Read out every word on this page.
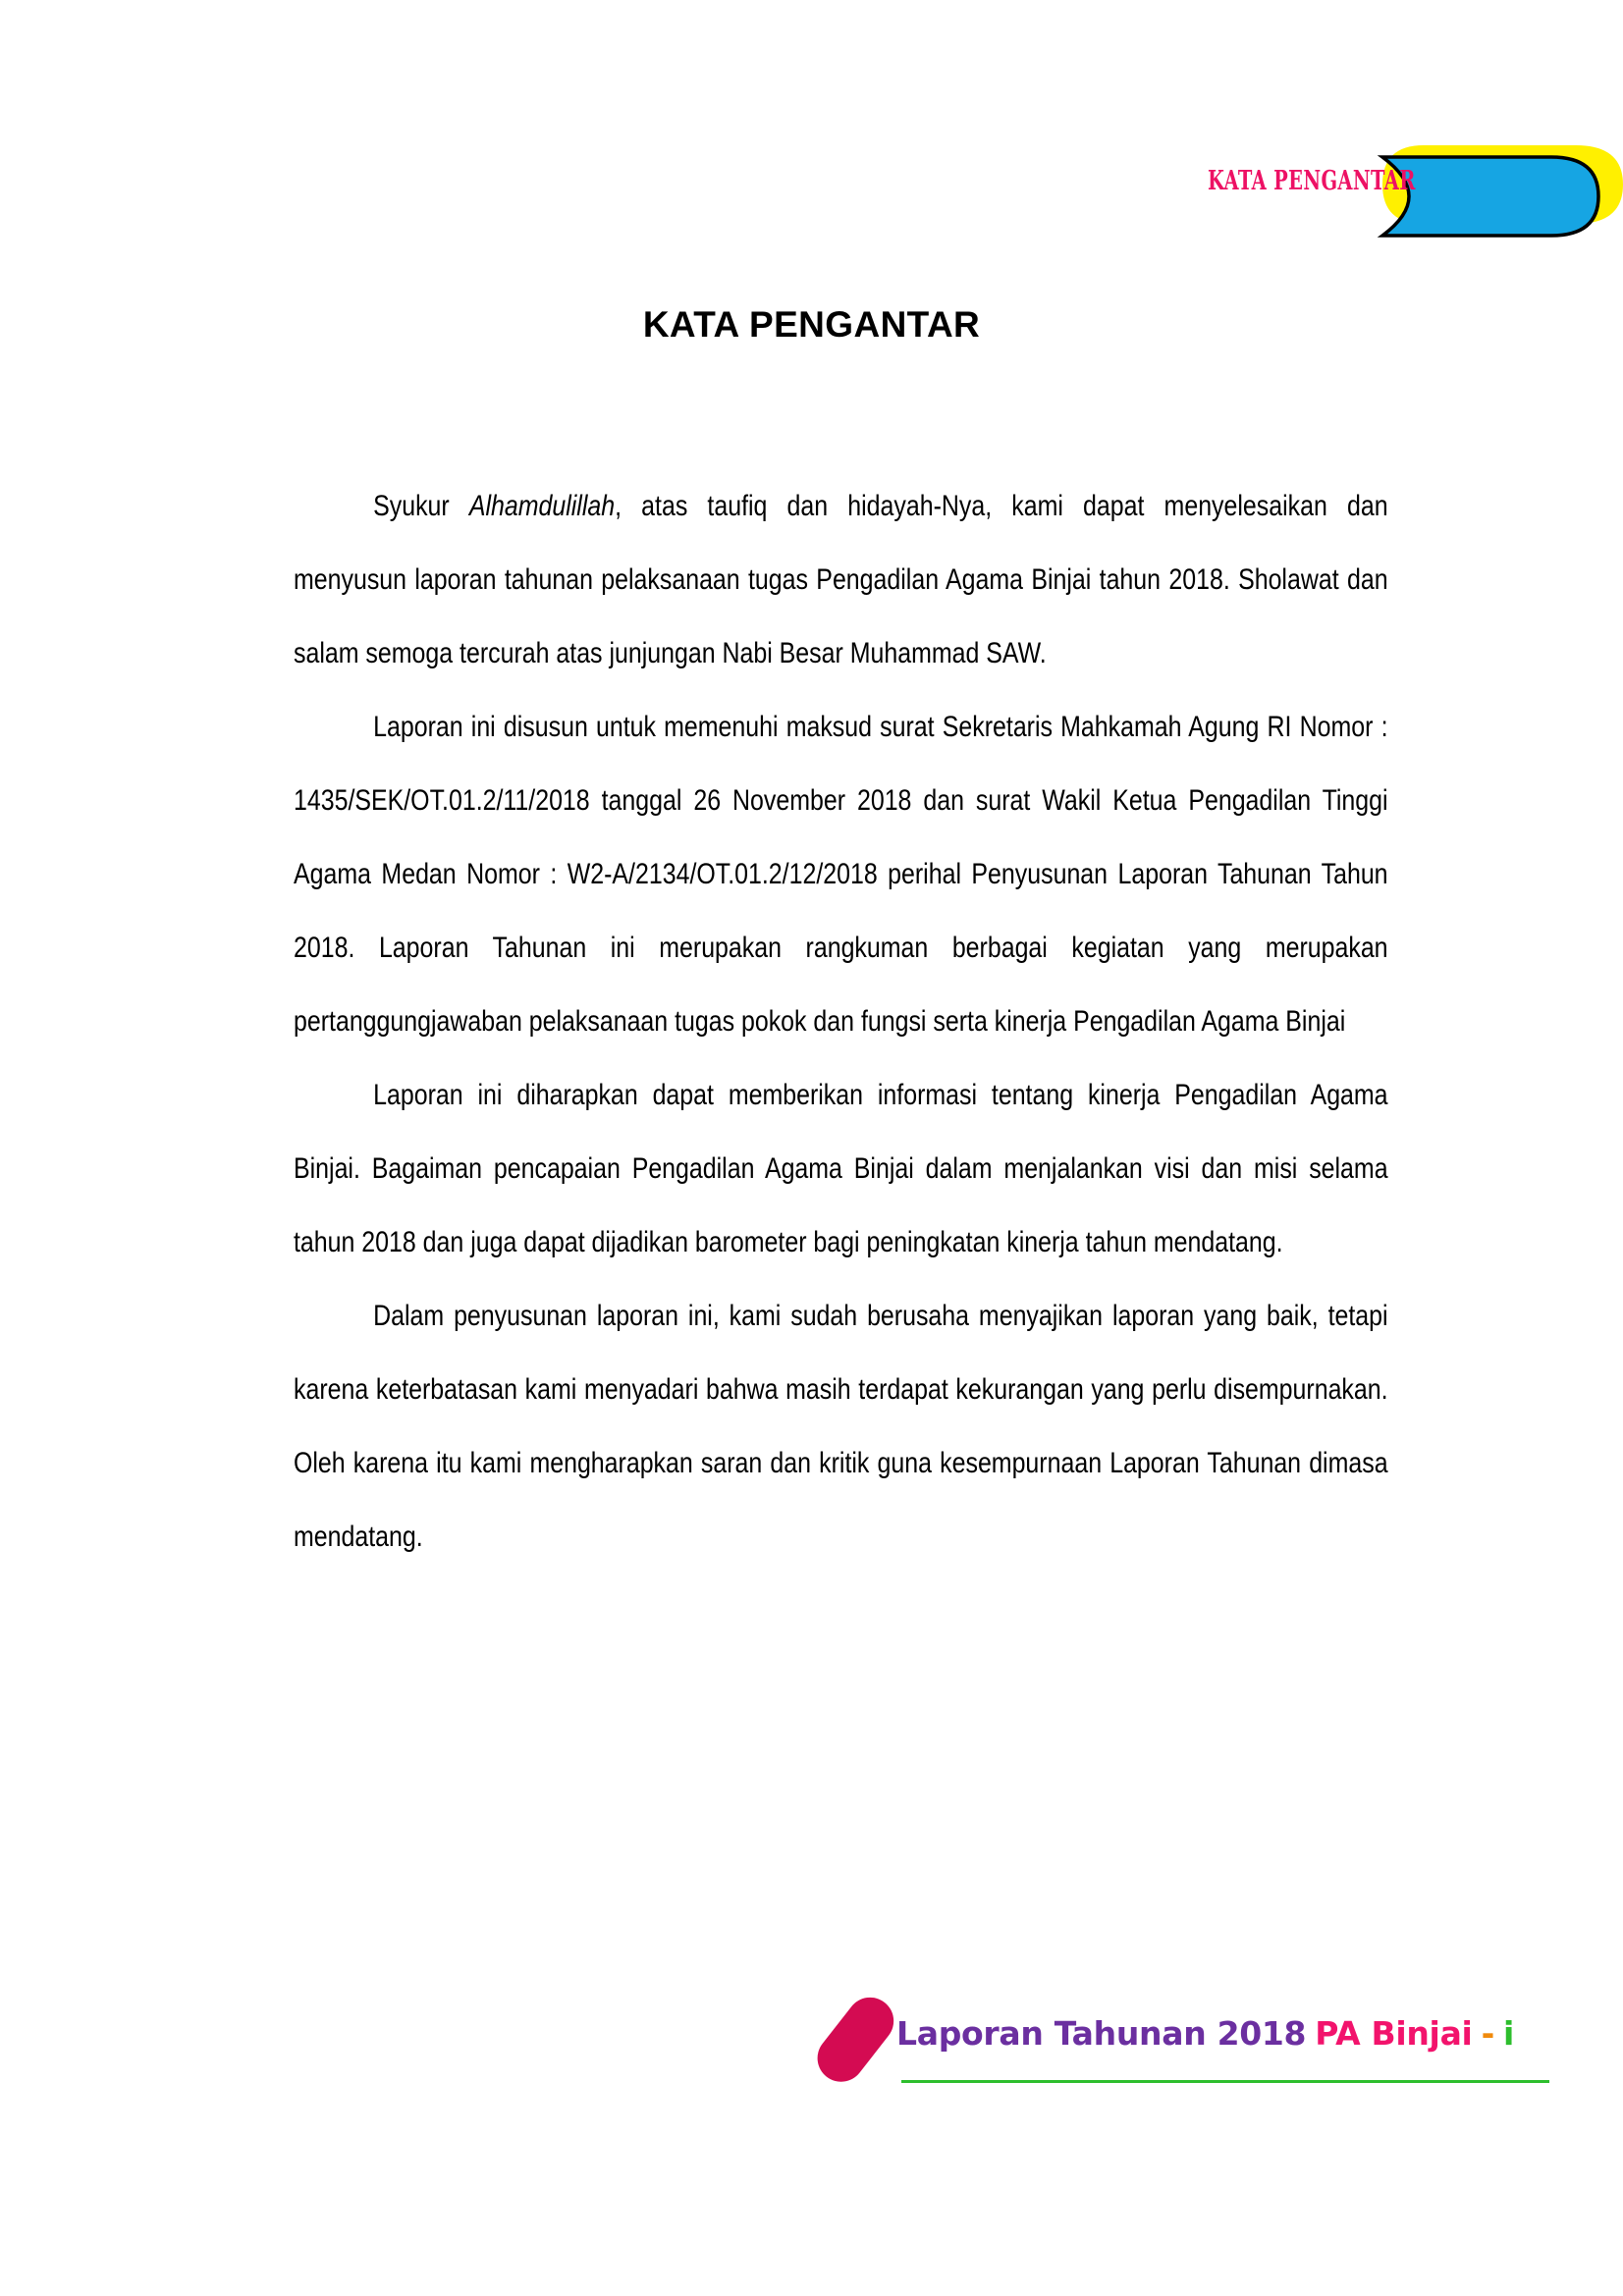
KATA PENGANTAR
KATA PENGANTAR

Syukur Alhamdulillah, atas taufiq dan hidayah-Nya, kami dapat menyelesaikan dan menyusun laporan tahunan pelaksanaan tugas Pengadilan Agama Binjai tahun 2018. Sholawat dan salam semoga tercurah atas junjungan Nabi Besar Muhammad SAW.

Laporan ini disusun untuk memenuhi maksud surat Sekretaris Mahkamah Agung RI Nomor : 1435/SEK/OT.01.2/11/2018 tanggal 26 November 2018 dan surat Wakil Ketua Pengadilan Tinggi Agama Medan Nomor : W2-A/2134/OT.01.2/12/2018 perihal Penyusunan Laporan Tahunan Tahun 2018. Laporan Tahunan ini merupakan rangkuman berbagai kegiatan yang merupakan pertanggungjawaban pelaksanaan tugas pokok dan fungsi serta kinerja Pengadilan Agama Binjai

Laporan ini diharapkan dapat memberikan informasi tentang kinerja Pengadilan Agama Binjai. Bagaiman pencapaian Pengadilan Agama Binjai dalam menjalankan visi dan misi selama tahun 2018 dan juga dapat dijadikan barometer bagi peningkatan kinerja tahun mendatang.

Dalam penyusunan laporan ini, kami sudah berusaha menyajikan laporan yang baik, tetapi karena keterbatasan kami menyadari bahwa masih terdapat kekurangan yang perlu disempurnakan. Oleh karena itu kami mengharapkan saran dan kritik guna kesempurnaan Laporan Tahunan dimasa mendatang.

Laporan Tahunan 2018 PA Binjai - i
